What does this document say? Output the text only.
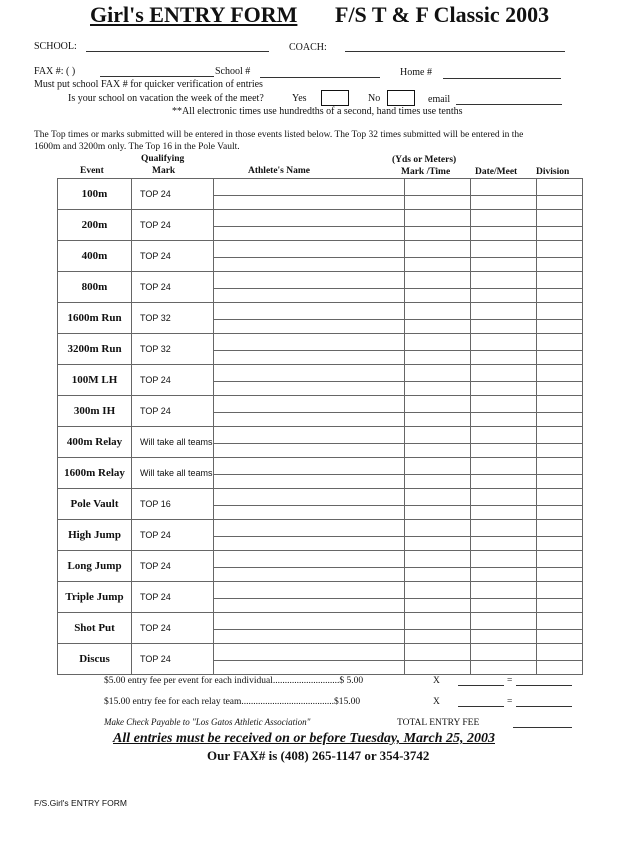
Girl's ENTRY FORM F/S T & F Classic 2003
SCHOOL:	COACH:
FAX #: ( )	School #	Home #
Must put school FAX # for quicker verification of entries
Is your school on vacation the week of the meet?	Yes	No	email
**All electronic times use hundredths of a second, hand times use tenths
The Top times or marks submitted will be entered in those events listed below. The Top 32 times submitted will be entered in the
1600m and 3200m only. The Top 16 in the Pole Vault.
Qualifying	(Yds or Meters)
Event	Mark	Athlete's Name	Mark /Time	Date/Meet Division
100m	TOP 24				

200m	TOP 24				

400m	TOP 24				

800m	TOP 24				

1600m Run	TOP 32				

3200m Run	TOP 32				

100M LH	TOP 24				

300m IH	TOP 24				

400m Relay	Will take all teams				

1600m Relay	Will take all teams				

Pole Vault	TOP 16				

High Jump	TOP 24				

Long Jump	TOP 24				

Triple Jump	TOP 24				

Shot Put	TOP 24				

Discus	TOP 24				

$5.00 entry fee per event for each individual............................$ 5.00	X	=
$15.00 entry fee for each relay team.......................................$15.00	X	=
Make Check Payable to "Los Gatos Athletic Association"	TOTAL ENTRY FEE
All entries must be received on or before Tuesday, March 25, 2003
Our FAX# is (408) 265-1147 or 354-3742
F/S.Girl's ENTRY FORM
